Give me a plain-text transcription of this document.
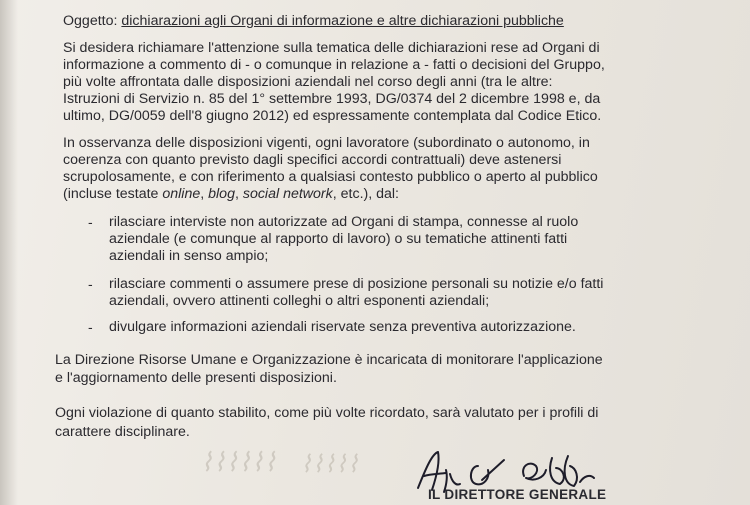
⌇⌇⌇⌇⌇⌇ ⌇⌇⌇⌇⌇
Oggetto: dichiarazioni agli Organi di informazione e altre dichiarazioni pubbliche
Si desidera richiamare l'attenzione sulla tematica delle dichiarazioni rese ad Organi di
informazione a commento di - o comunque in relazione a - fatti o decisioni del Gruppo,
più volte affrontata dalle disposizioni aziendali nel corso degli anni (tra le altre:
Istruzioni di Servizio n. 85 del 1° settembre 1993, DG/0374 del 2 dicembre 1998 e, da
ultimo, DG/0059 dell'8 giugno 2012) ed espressamente contemplata dal Codice Etico.
In osservanza delle disposizioni vigenti, ogni lavoratore (subordinato o autonomo, in
coerenza con quanto previsto dagli specifici accordi contrattuali) deve astenersi
scrupolosamente, e con riferimento a qualsiasi contesto pubblico o aperto al pubblico
(incluse testate online, blog, social network, etc.), dal:
- rilasciare interviste non autorizzate ad Organi di stampa, connesse al ruolo
aziendale (e comunque al rapporto di lavoro) o su tematiche attinenti fatti
aziendali in senso ampio;
- rilasciare commenti o assumere prese di posizione personali su notizie e/o fatti
aziendali, ovvero attinenti colleghi o altri esponenti aziendali;
- divulgare informazioni aziendali riservate senza preventiva autorizzazione.
La Direzione Risorse Umane e Organizzazione è incaricata di monitorare l'applicazione
e l'aggiornamento delle presenti disposizioni.
Ogni violazione di quanto stabilito, come più volte ricordato, sarà valutato per i profili di
carattere disciplinare.
IL DIRETTORE GENERALE
